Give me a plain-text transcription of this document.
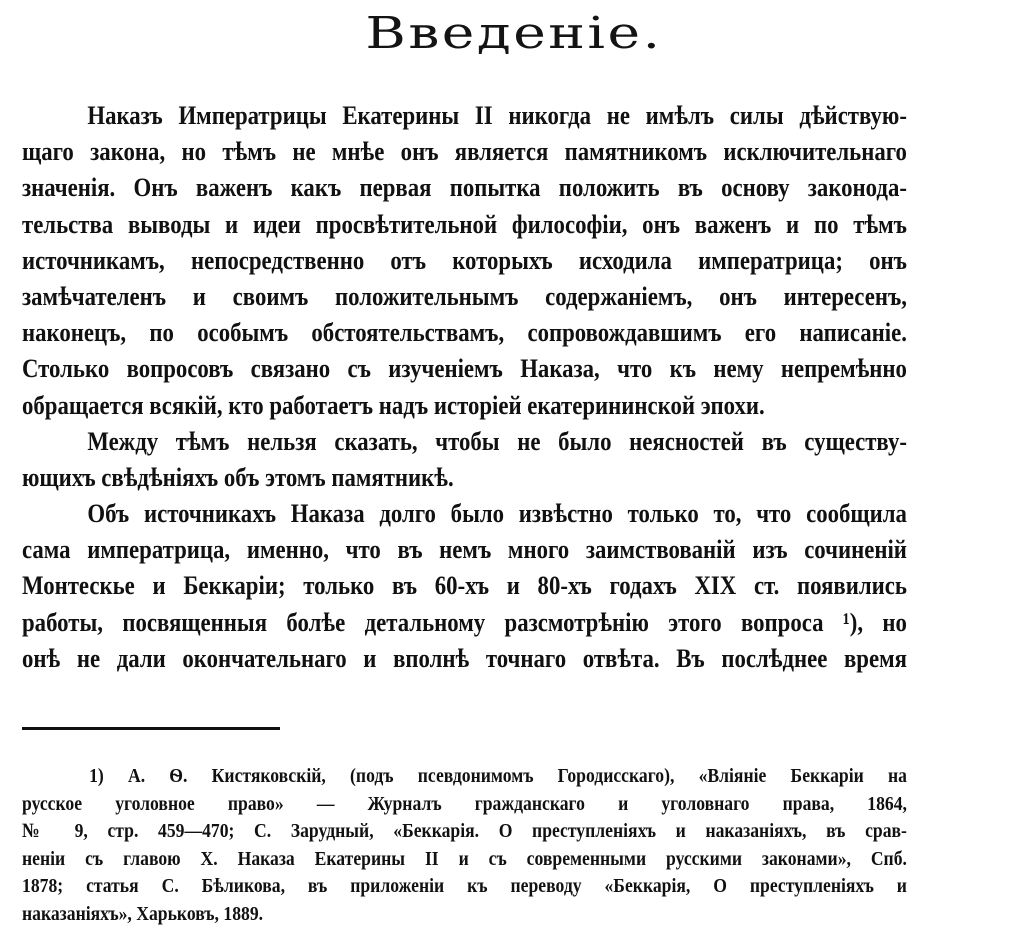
Введеніе.
Наказъ Императрицы Екатерины II никогда не имѣлъ силы дѣйствую-
щаго закона, но тѣмъ не мнѣе онъ является памятникомъ исключительнаго
значенія. Онъ важенъ какъ первая попытка положить въ основу законода-
тельства выводы и идеи просвѣтительной философіи, онъ важенъ и по тѣмъ
источникамъ, непосредственно отъ которыхъ исходила императрица; онъ
замѣчателенъ и своимъ положительнымъ содержаніемъ, онъ интересенъ,
наконецъ, по особымъ обстоятельствамъ, сопровождавшимъ его написаніе.
Столько вопросовъ связано съ изученіемъ Наказа, что къ нему непремѣнно
обращается всякій, кто работаетъ надъ исторіей екатерининской эпохи.
Между тѣмъ нельзя сказать, чтобы не было неясностей въ существу-
ющихъ свѣдѣніяхъ объ этомъ памятникѣ.
Объ источникахъ Наказа долго было извѣстно только то, что сообщила
сама императрица, именно, что въ немъ много заимствованій изъ сочиненій
Монтескье и Беккаріи; только въ 60-хъ и 80-хъ годахъ XIX ст. появились
работы, посвященныя болѣе детальному разсмотрѣнію этого вопроса ¹), но
онѣ не дали окончательнаго и вполнѣ точнаго отвѣта. Въ послѣднее время
1) А. Ѳ. Кистяковскій, (подъ псевдонимомъ Городисскаго), «Вліяніе Беккаріи на
русское уголовное право» — Журналъ гражданскаго и уголовнаго права, 1864,
№ 9, стр. 459—470; С. Зарудный, «Беккарія. О преступленіяхъ и наказаніяхъ, въ срав-
неніи съ главою X. Наказа Екатерины II и съ современными русскими законами», Спб.
1878; статья С. Бѣликова, въ приложеніи къ переводу «Беккарія, О преступленіяхъ и
наказаніяхъ», Харьковъ, 1889.
